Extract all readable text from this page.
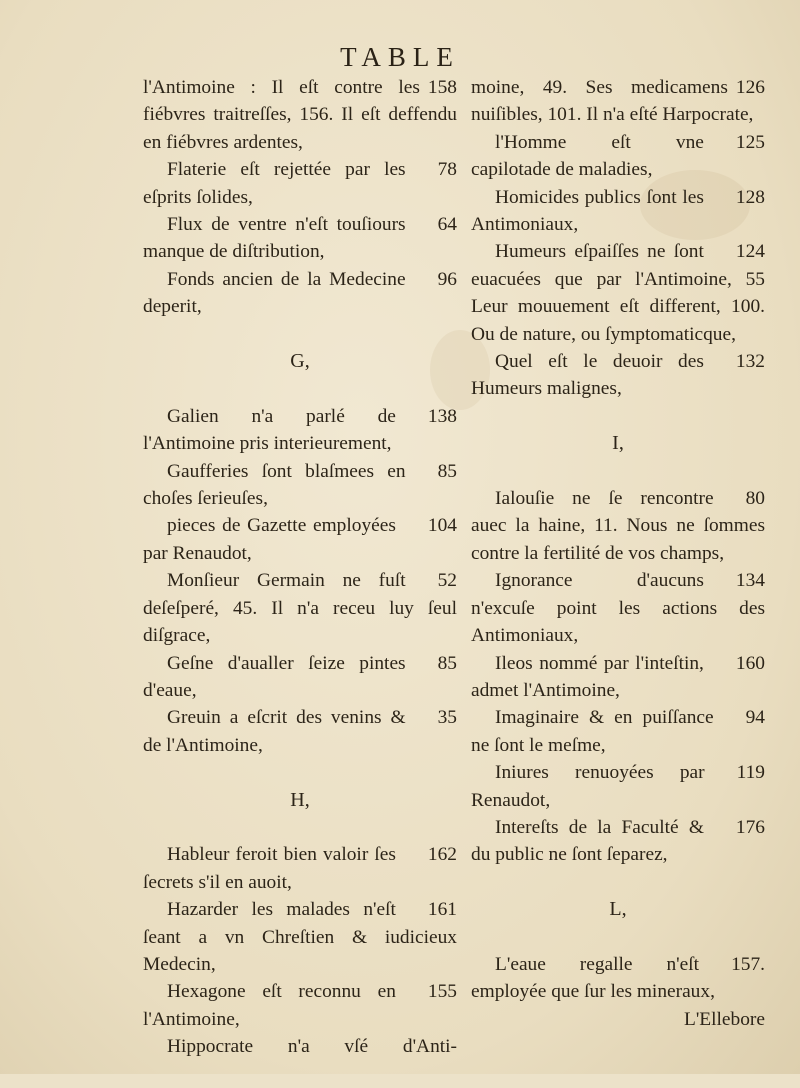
TABLE

158
l'Antimoine : Il eſt contre les fiébvres traitreſſes, 156. Il eſt deffendu en fiébvres ardentes,

78
Flaterie eſt rejettée par les eſprits ſolides,

64
Flux de ventre n'eſt touſiours manque de diſtribution,

96
Fonds ancien de la Medecine deperit,

G,

138
Galien n'a parlé de l'Antimoine pris interieurement,

85
Gaufferies ſont blaſmees en choſes ſerieuſes,

104
pieces de Gazette employées par Renaudot,

52
Monſieur Germain ne fuſt deſeſperé, 45. Il n'a receu luy ſeul diſgrace,

85
Geſne d'aualler ſeize pintes d'eaue,

35
Greuin a eſcrit des venins & de l'Antimoine,

H,

162
Hableur feroit bien valoir ſes ſecrets s'il en auoit,

161
Hazarder les malades n'eſt ſeant a vn Chreſtien & iudicieux Medecin,

155
Hexagone eſt reconnu en l'Antimoine,

Hippocrate n'a vſé d'Anti-

126
moine, 49. Ses medicamens nuiſibles, 101. Il n'a eſté Harpocrate,

125
l'Homme eſt vne capilotade de maladies,

128
Homicides publics ſont les Antimoniaux,

124
Humeurs eſpaiſſes ne ſont euacuées que par l'Antimoine, 55 Leur mouuement eſt different, 100. Ou de nature, ou ſymptomaticque,

132
Quel eſt le deuoir des Humeurs malignes,

I,

80
Ialouſie ne ſe rencontre auec la haine, 11. Nous ne ſommes contre la fertilité de vos champs,

134
Ignorance d'aucuns n'excuſe point les actions des Antimoniaux,

160
Ileos nommé par l'inteſtin, admet l'Antimoine,

94
Imaginaire & en puiſſance ne ſont le meſme,

119
Iniures renuoyées par Renaudot,

176
Intereſts de la Faculté & du public ne ſont ſeparez,

L,

157.
L'eaue regalle n'eſt employée que ſur les mineraux,

L'Ellebore
